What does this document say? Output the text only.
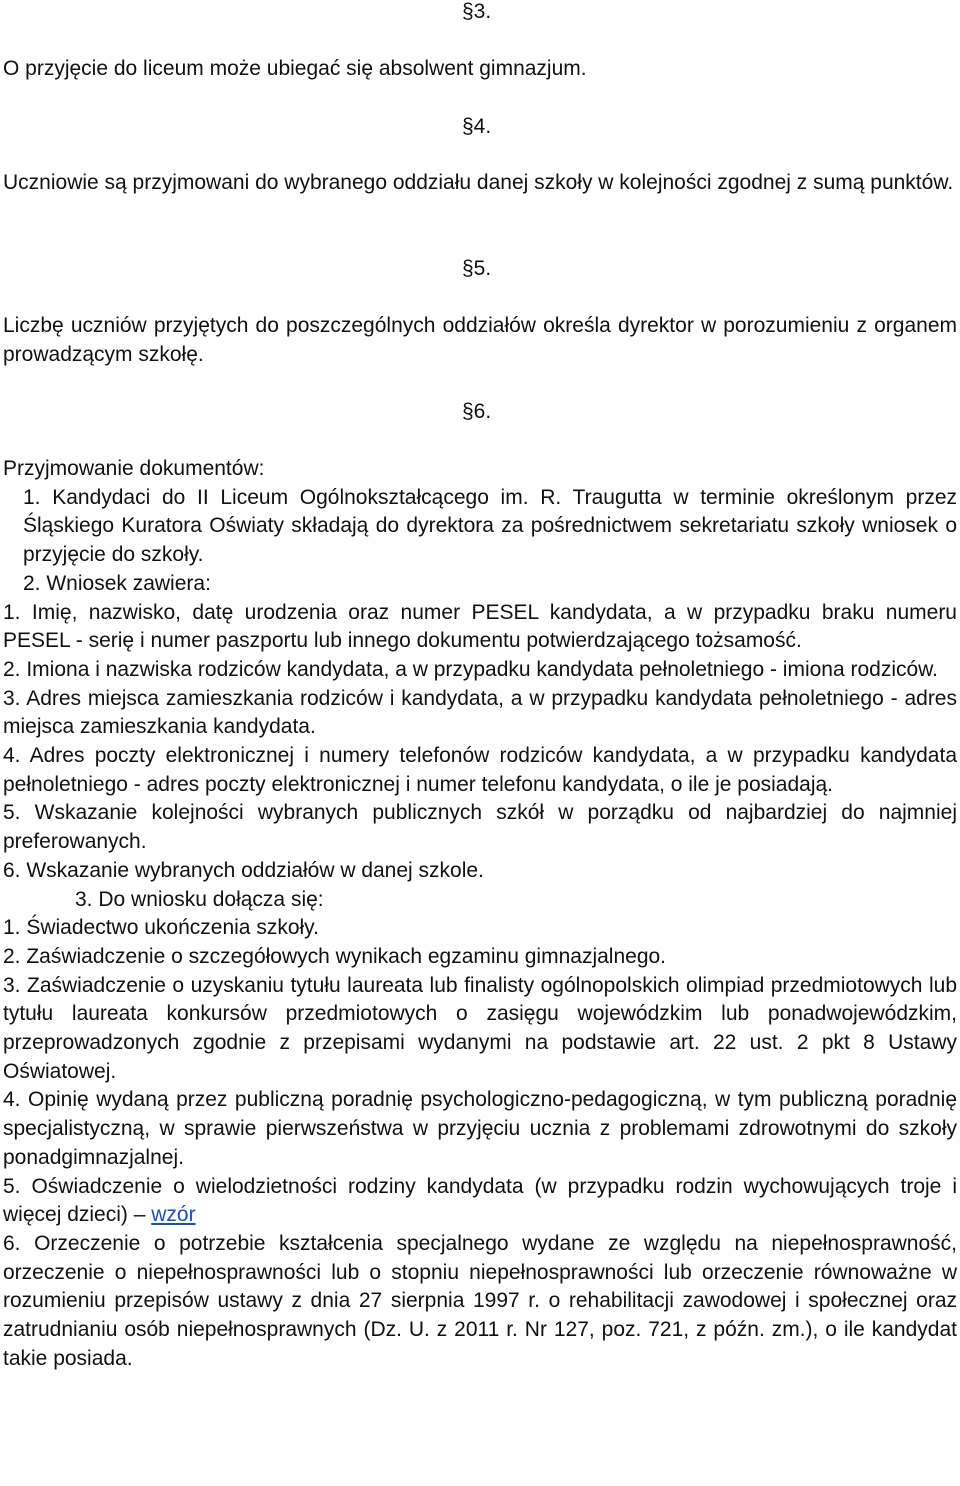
§3.

O przyjęcie do liceum może ubiegać się absolwent gimnazjum.

§4.

Uczniowie są przyjmowani do wybranego oddziału danej szkoły w kolejności zgodnej z sumą punktów.

§5.

Liczbę uczniów przyjętych do poszczególnych oddziałów określa dyrektor w porozumieniu z organem prowadzącym szkołę.

§6.

Przyjmowanie dokumentów:

1. Kandydaci do II Liceum Ogólnokształcącego im. R. Traugutta w terminie określonym przez Śląskiego Kuratora Oświaty składają do dyrektora za pośrednictwem sekretariatu szkoły wniosek o przyjęcie do szkoły.

2. Wniosek zawiera:

1. Imię, nazwisko, datę urodzenia oraz numer PESEL kandydata, a w przypadku braku numeru PESEL - serię i numer paszportu lub innego dokumentu potwierdzającego tożsamość.

2. Imiona i nazwiska rodziców kandydata, a w przypadku kandydata pełnoletniego - imiona rodziców.

3. Adres miejsca zamieszkania rodziców i kandydata, a w przypadku kandydata pełnoletniego - adres miejsca zamieszkania kandydata.

4. Adres poczty elektronicznej i numery telefonów rodziców kandydata, a w przypadku kandydata pełnoletniego - adres poczty elektronicznej i numer telefonu kandydata, o ile je posiadają.

5. Wskazanie kolejności wybranych publicznych szkół w porządku od najbardziej do najmniej preferowanych.

6. Wskazanie wybranych oddziałów w danej szkole.

3. Do wniosku dołącza się:

1. Świadectwo ukończenia szkoły.

2. Zaświadczenie o szczegółowych wynikach egzaminu gimnazjalnego.

3. Zaświadczenie o uzyskaniu tytułu laureata lub finalisty ogólnopolskich olimpiad przedmiotowych lub tytułu laureata konkursów przedmiotowych o zasięgu wojewódzkim lub ponadwojewódzkim, przeprowadzonych zgodnie z przepisami wydanymi na podstawie art. 22 ust. 2 pkt 8 Ustawy Oświatowej.

4. Opinię wydaną przez publiczną poradnię psychologiczno-pedagogiczną, w tym publiczną poradnię specjalistyczną, w sprawie pierwszeństwa w przyjęciu ucznia z problemami zdrowotnymi do szkoły ponadgimnazjalnej.

5. Oświadczenie o wielodzietności rodziny kandydata (w przypadku rodzin wychowujących troje i więcej dzieci) – wzór

6. Orzeczenie o potrzebie kształcenia specjalnego wydane ze względu na niepełnosprawność, orzeczenie o niepełnosprawności lub o stopniu niepełnosprawności lub orzeczenie równoważne w rozumieniu przepisów ustawy z dnia 27 sierpnia 1997 r. o rehabilitacji zawodowej i społecznej oraz zatrudnianiu osób niepełnosprawnych (Dz. U. z 2011 r. Nr 127, poz. 721, z późn. zm.), o ile kandydat takie posiada.
